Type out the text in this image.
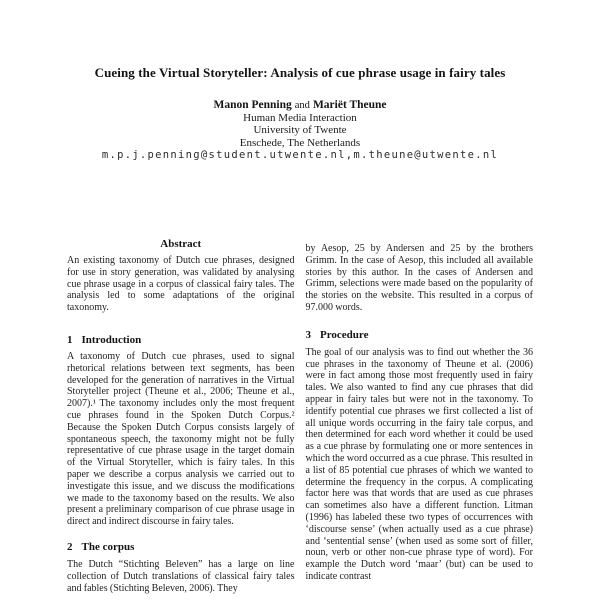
Cueing the Virtual Storyteller: Analysis of cue phrase usage in fairy tales
Manon Penning and Mariët Theune
Human Media Interaction
University of Twente
Enschede, The Netherlands
m.p.j.penning@student.utwente.nl,m.theune@utwente.nl
Abstract

An existing taxonomy of Dutch cue phrases, designed for use in story generation, was validated by analysing cue phrase usage in a corpus of classical fairy tales. The analysis led to some adaptations of the original taxonomy.

1 Introduction

A taxonomy of Dutch cue phrases, used to signal rhetorical relations between text segments, has been developed for the generation of narratives in the Virtual Storyteller project (Theune et al., 2006; Theune et al., 2007).¹ The taxonomy includes only the most frequent cue phrases found in the Spoken Dutch Corpus.² Because the Spoken Dutch Corpus consists largely of spontaneous speech, the taxonomy might not be fully representative of cue phrase usage in the target domain of the Virtual Storyteller, which is fairy tales. In this paper we describe a corpus analysis we carried out to investigate this issue, and we discuss the modifications we made to the taxonomy based on the results. We also present a preliminary comparison of cue phrase usage in direct and indirect discourse in fairy tales.

2 The corpus

The Dutch “Stichting Beleven” has a large on line collection of Dutch translations of classical fairy tales and fables (Stichting Beleven, 2006). They

by Aesop, 25 by Andersen and 25 by the brothers Grimm. In the case of Aesop, this included all available stories by this author. In the cases of Andersen and Grimm, selections were made based on the popularity of the stories on the website. This resulted in a corpus of 97.000 words.

3 Procedure

The goal of our analysis was to find out whether the 36 cue phrases in the taxonomy of Theune et al. (2006) were in fact among those most frequently used in fairy tales. We also wanted to find any cue phrases that did appear in fairy tales but were not in the taxonomy. To identify potential cue phrases we first collected a list of all unique words occurring in the fairy tale corpus, and then determined for each word whether it could be used as a cue phrase by formulating one or more sentences in which the word occurred as a cue phrase. This resulted in a list of 85 potential cue phrases of which we wanted to determine the frequency in the corpus. A complicating factor here was that words that are used as cue phrases can sometimes also have a different function. Litman (1996) has labeled these two types of occurrences with ‘discourse sense’ (when actually used as a cue phrase) and ‘sentential sense’ (when used as some sort of filler, noun, verb or other non-cue phrase type of word). For example the Dutch word ‘maar’ (but) can be used to indicate contrast
